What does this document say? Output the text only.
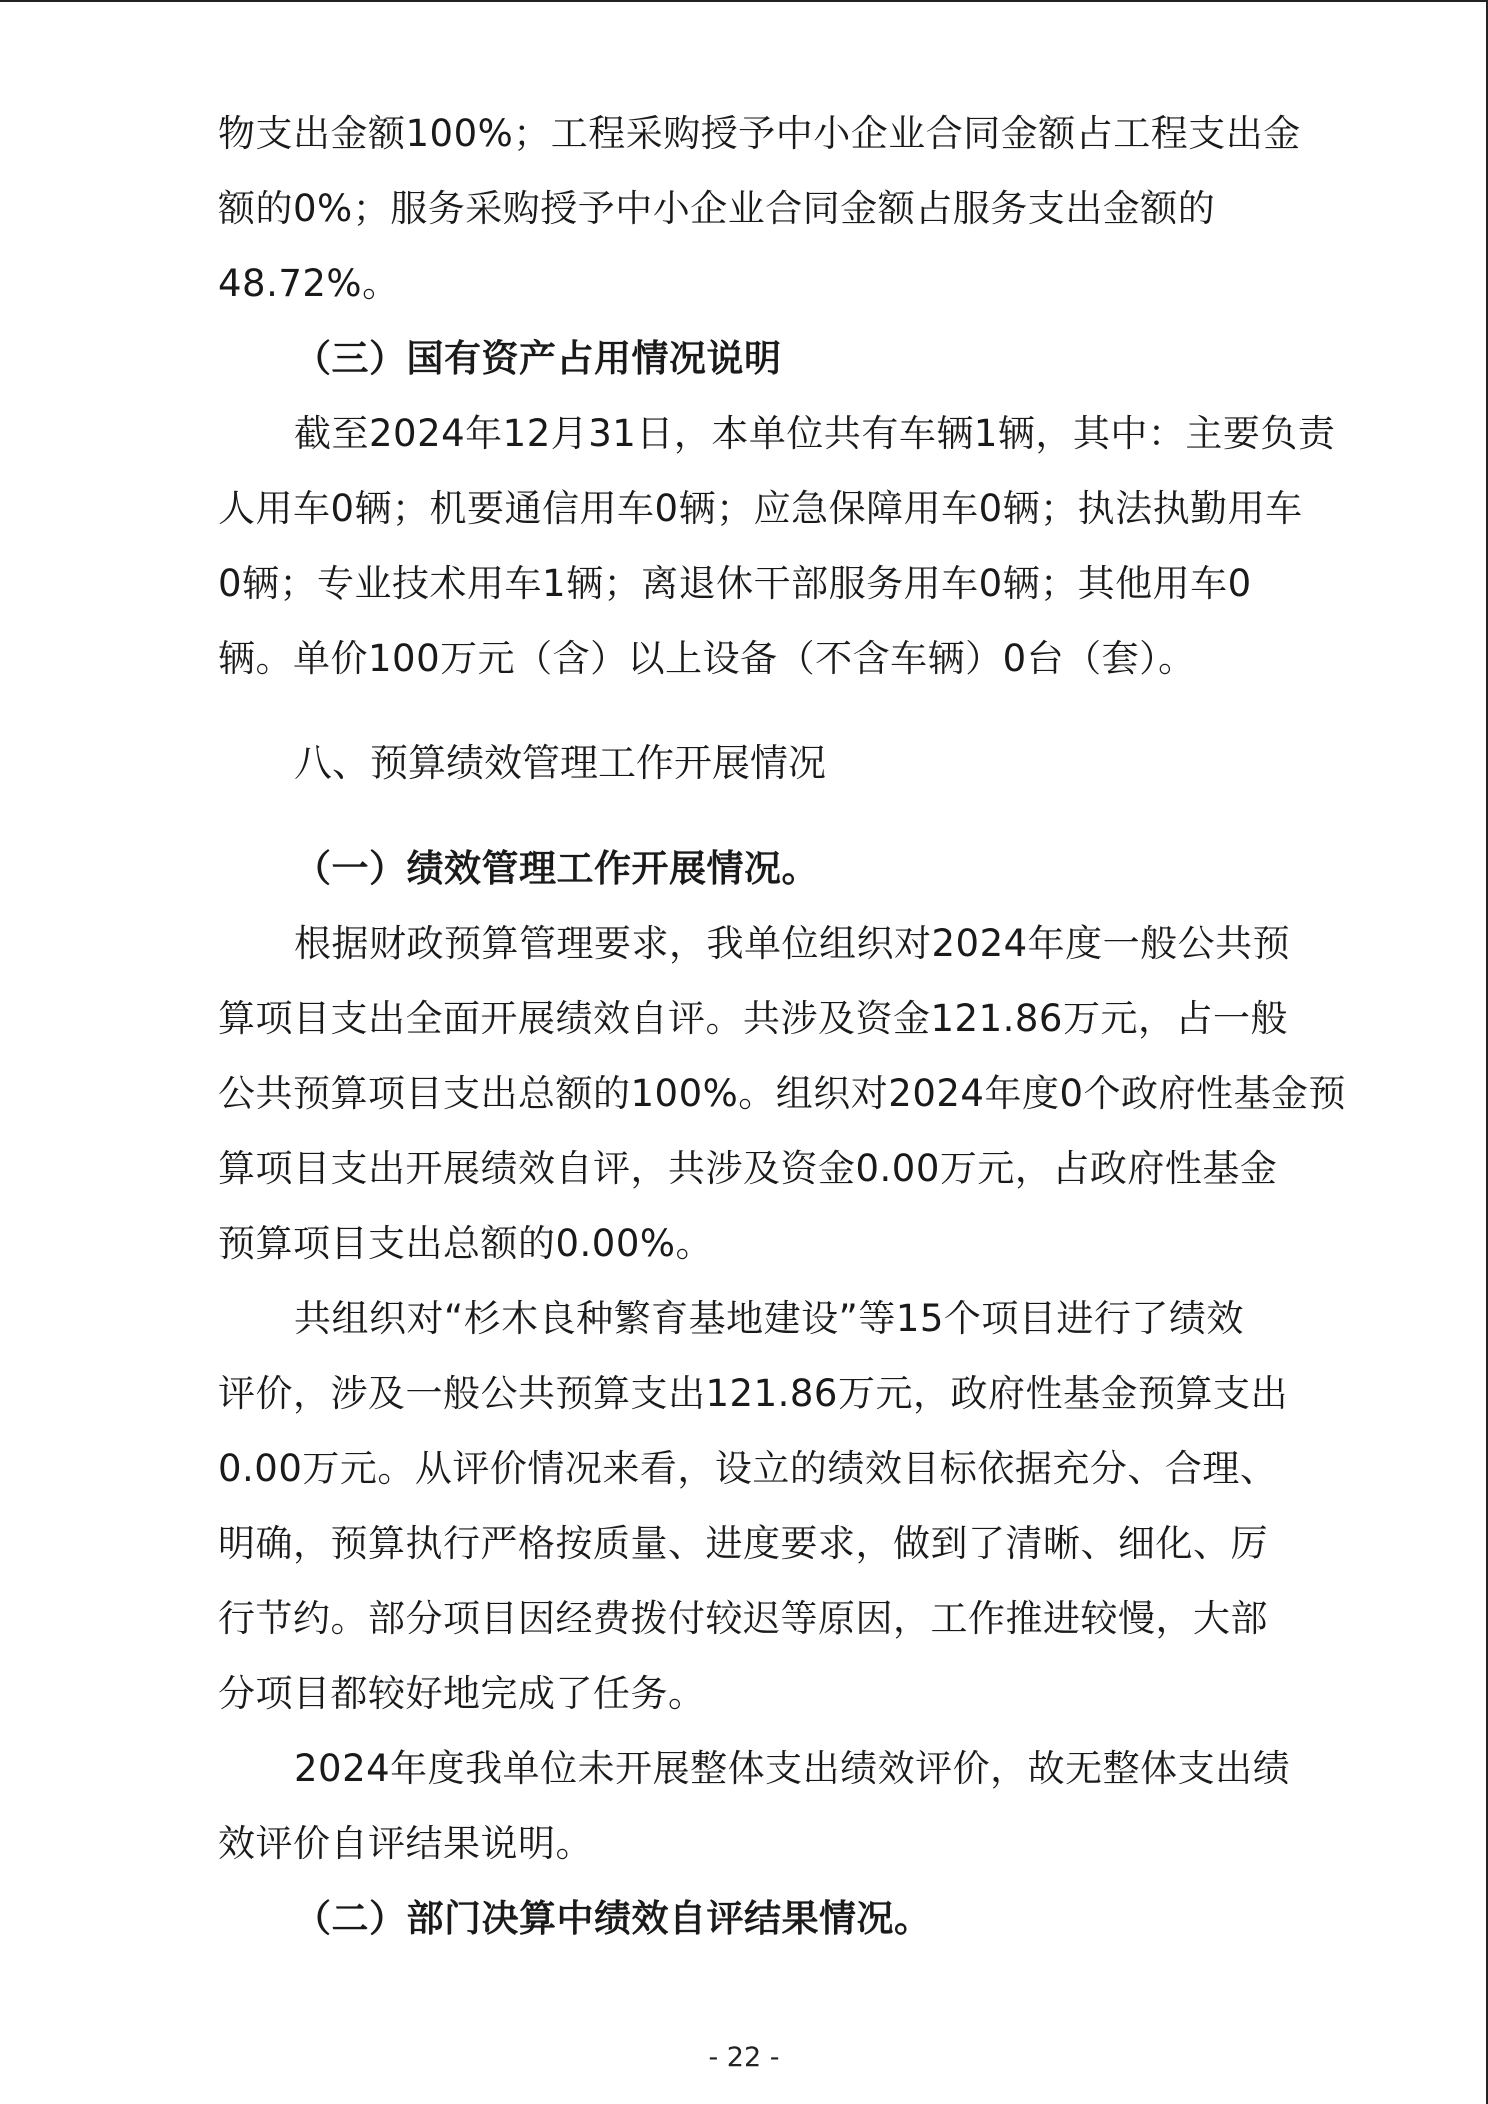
物支出金额100%；工程采购授予中小企业合同金额占工程支出金
额的0%；服务采购授予中小企业合同金额占服务支出金额的
48.72%。
（三）国有资产占用情况说明
截至2024年12月31日，本单位共有车辆1辆，其中：主要负责
人用车0辆；机要通信用车0辆；应急保障用车0辆；执法执勤用车
0辆；专业技术用车1辆；离退休干部服务用车0辆；其他用车0
辆。单价100万元（含）以上设备（不含车辆）0台（套）。
八、预算绩效管理工作开展情况
（一）绩效管理工作开展情况。
根据财政预算管理要求，我单位组织对2024年度一般公共预
算项目支出全面开展绩效自评。共涉及资金121.86万元，占一般
公共预算项目支出总额的100%。组织对2024年度0个政府性基金预
算项目支出开展绩效自评，共涉及资金0.00万元，占政府性基金
预算项目支出总额的0.00%。
共组织对“杉木良种繁育基地建设”等15个项目进行了绩效
评价，涉及一般公共预算支出121.86万元，政府性基金预算支出
0.00万元。从评价情况来看，设立的绩效目标依据充分、合理、
明确，预算执行严格按质量、进度要求，做到了清晰、细化、厉
行节约。部分项目因经费拨付较迟等原因，工作推进较慢，大部
分项目都较好地完成了任务。
2024年度我单位未开展整体支出绩效评价，故无整体支出绩
效评价自评结果说明。
（二）部门决算中绩效自评结果情况。
- 22 -
